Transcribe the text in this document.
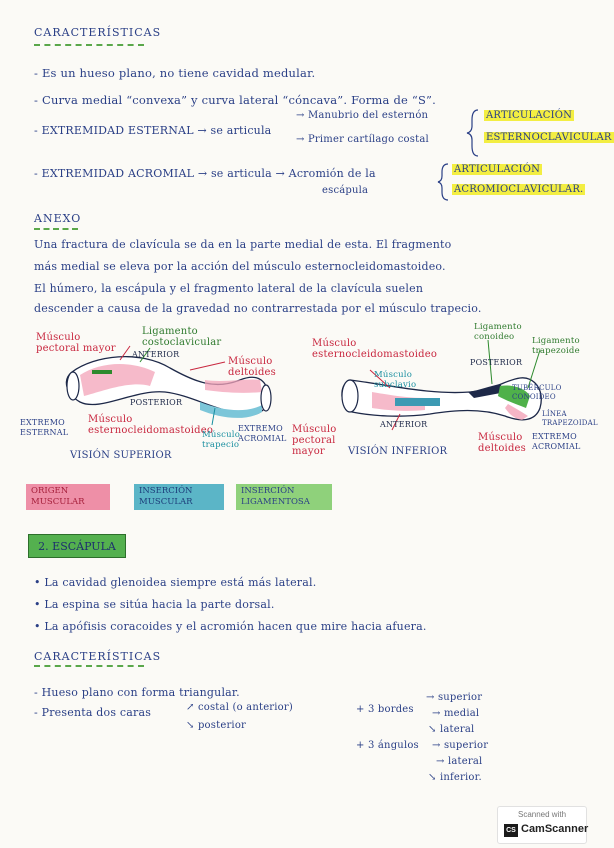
CARACTERÍSTICAS
- Es un hueso plano, no tiene cavidad medular.
- Curva medial “convexa” y curva lateral “cóncava”. Forma de “S”.
- EXTREMIDAD ESTERNAL → se articula
→ Manubrio del esternón
→ Primer cartílago costal
ARTICULACIÓN
ESTERNOCLAVICULAR
- EXTREMIDAD ACROMIAL → se articula → Acromión de la
escápula
ARTICULACIÓN
ACROMIOCLAVICULAR.
ANEXO
Una fractura de clavícula se da en la parte medial de esta. El fragmento
más medial se eleva por la acción del músculo esternocleidomastoideo.
El húmero, la escápula y el fragmento lateral de la clavícula suelen
descender a causa de la gravedad no contrarrestada por el músculo trapecio.
Músculo pectoral mayor
Ligamento costoclavicular
ANTERIOR
Músculo deltoides
POSTERIOR
EXTREMO ESTERNAL
Músculo esternocleidomastoideo	EXTREMO ACROMIAL
Músculo trapecio
VISIÓN SUPERIOR
Músculo esternocleidomastoideo
Ligamento conoideo	Ligamento trapezoide
Músculo subclavio
POSTERIOR
TUBÉRCULO CONOIDEO
LÍNEA TRAPEZOIDAL
Músculo pectoral mayor
ANTERIOR
Músculo deltoides
EXTREMO ACROMIAL
VISIÓN INFERIOR
ORIGEN MUSCULAR
INSERCIÓN MUSCULAR
INSERCIÓN LIGAMENTOSA
2. ESCÁPULA
• La cavidad glenoidea siempre está más lateral.
• La espina se sitúa hacia la parte dorsal.
• La apófisis coracoides y el acromión hacen que mire hacia afuera.
CARACTERÍSTICAS
- Hueso plano con forma triangular.
- Presenta dos caras	↗ costal (o anterior)
↘ posterior
+ 3 bordes
→ superior
→ medial
↘ lateral
+ 3 ángulos → superior
→ lateral
↘ inferior.
Scanned with
CS CamScanner
